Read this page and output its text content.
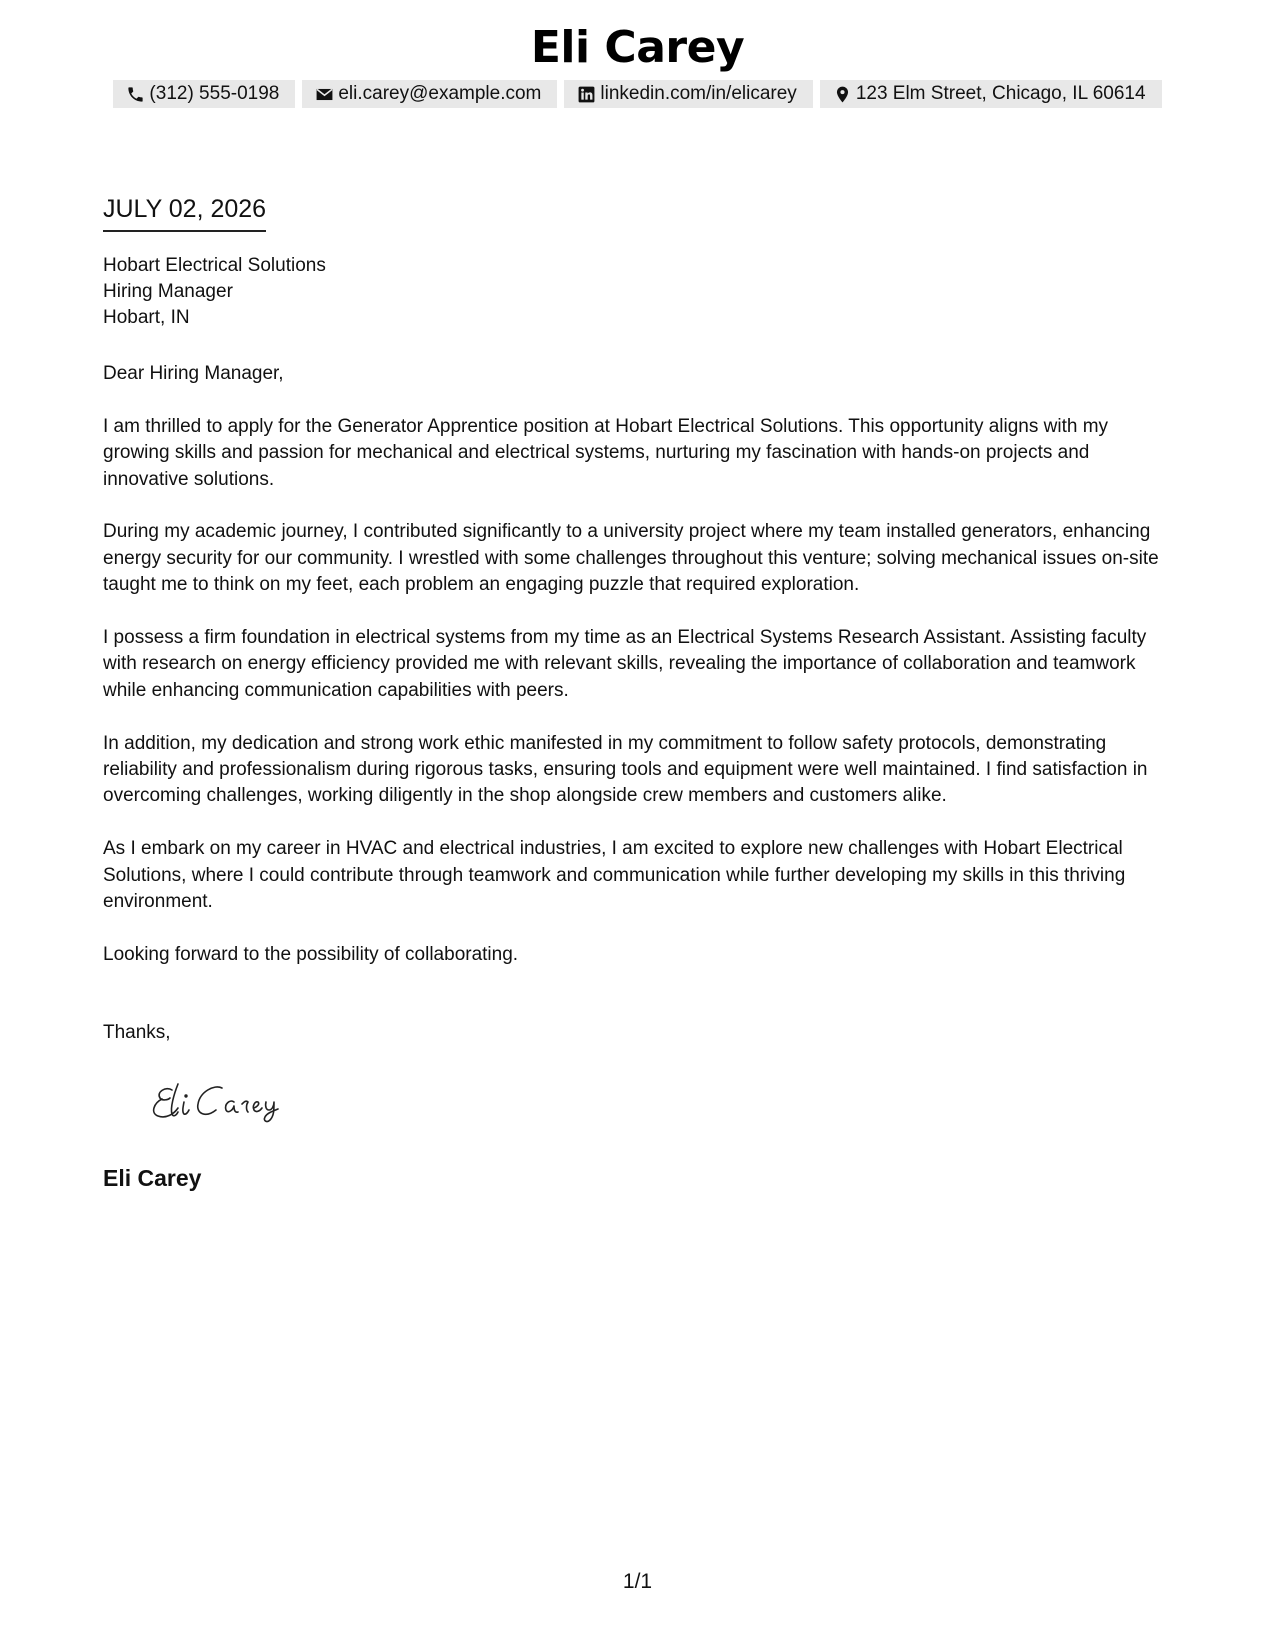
Eli Carey
(312) 555-0198	eli.carey@example.com	linkedin.com/in/elicarey	123 Elm Street, Chicago, IL 60614
JULY 02, 2026
Hobart Electrical Solutions
Hiring Manager
Hobart, IN

Dear Hiring Manager,

I am thrilled to apply for the Generator Apprentice position at Hobart Electrical Solutions. This opportunity aligns with my growing skills and passion for mechanical and electrical systems, nurturing my fascination with hands-on projects and innovative solutions.

During my academic journey, I contributed significantly to a university project where my team installed generators, enhancing energy security for our community. I wrestled with some challenges throughout this venture; solving mechanical issues on-site taught me to think on my feet, each problem an engaging puzzle that required exploration.

I possess a firm foundation in electrical systems from my time as an Electrical Systems Research Assistant. Assisting faculty with research on energy efficiency provided me with relevant skills, revealing the importance of collaboration and teamwork while enhancing communication capabilities with peers.

In addition, my dedication and strong work ethic manifested in my commitment to follow safety protocols, demonstrating reliability and professionalism during rigorous tasks, ensuring tools and equipment were well maintained. I find satisfaction in overcoming challenges, working diligently in the shop alongside crew members and customers alike.

As I embark on my career in HVAC and electrical industries, I am excited to explore new challenges with Hobart Electrical Solutions, where I could contribute through teamwork and communication while further developing my skills in this thriving environment.

Looking forward to the possibility of collaborating.

Thanks,
Eli Carey
1/1
